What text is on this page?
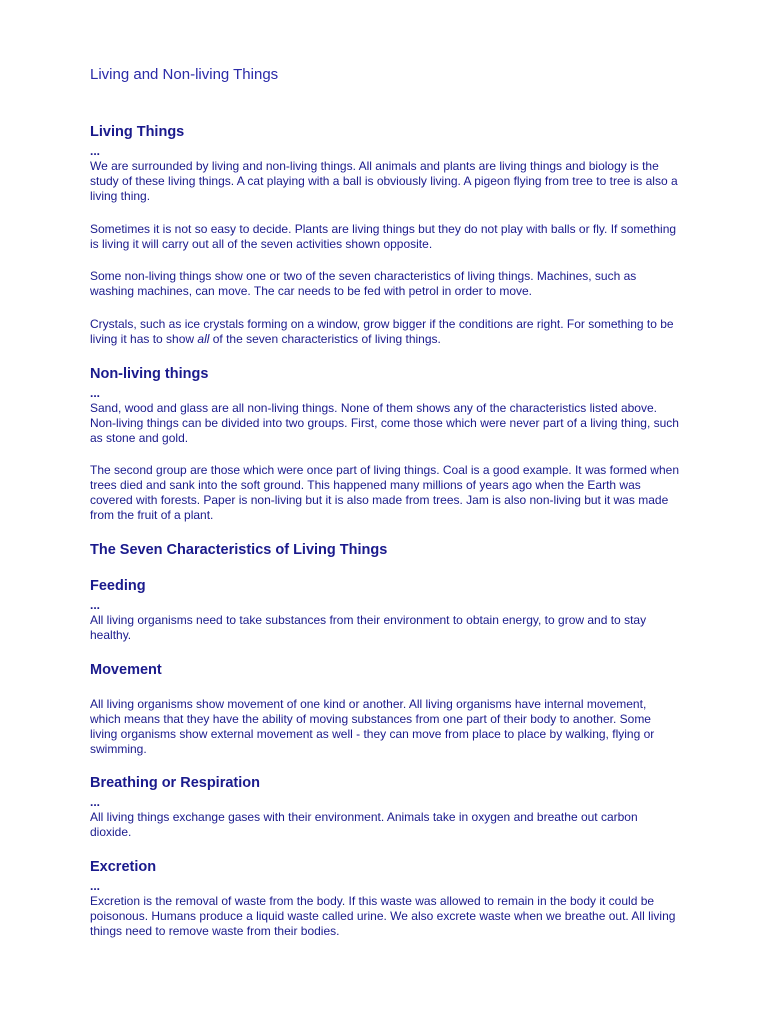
Living and Non-living Things
Living Things
...
We are surrounded by living and non-living things. All animals and plants are living things and biology is the study of these living things. A cat playing with a ball is obviously living. A pigeon flying from tree to tree is also a living thing.
Sometimes it is not so easy to decide. Plants are living things but they do not play with balls or fly. If something is living it will carry out all of the seven activities shown opposite.
Some non-living things show one or two of the seven characteristics of living things. Machines, such as washing machines, can move. The car needs to be fed with petrol in order to move.
Crystals, such as ice crystals forming on a window, grow bigger if the conditions are right. For something to be living it has to show all of the seven characteristics of living things.
Non-living things
...
Sand, wood and glass are all non-living things. None of them shows any of the characteristics listed above. Non-living things can be divided into two groups. First, come those which were never part of a living thing, such as stone and gold.
The second group are those which were once part of living things. Coal is a good example. It was formed when trees died and sank into the soft ground. This happened many millions of years ago when the Earth was covered with forests. Paper is non-living but it is also made from trees. Jam is also non-living but it was made from the fruit of a plant.
The Seven Characteristics of Living Things
Feeding
...
All living organisms need to take substances from their environment to obtain energy, to grow and to stay healthy.
Movement
All living organisms show movement of one kind or another. All living organisms have internal movement, which means that they have the ability of moving substances from one part of their body to another. Some living organisms show external movement as well - they can move from place to place by walking, flying or swimming.
Breathing or Respiration
...
All living things exchange gases with their environment. Animals take in oxygen and breathe out carbon dioxide.
Excretion
...
Excretion is the removal of waste from the body. If this waste was allowed to remain in the body it could be poisonous. Humans produce a liquid waste called urine. We also excrete waste when we breathe out. All living things need to remove waste from their bodies.
